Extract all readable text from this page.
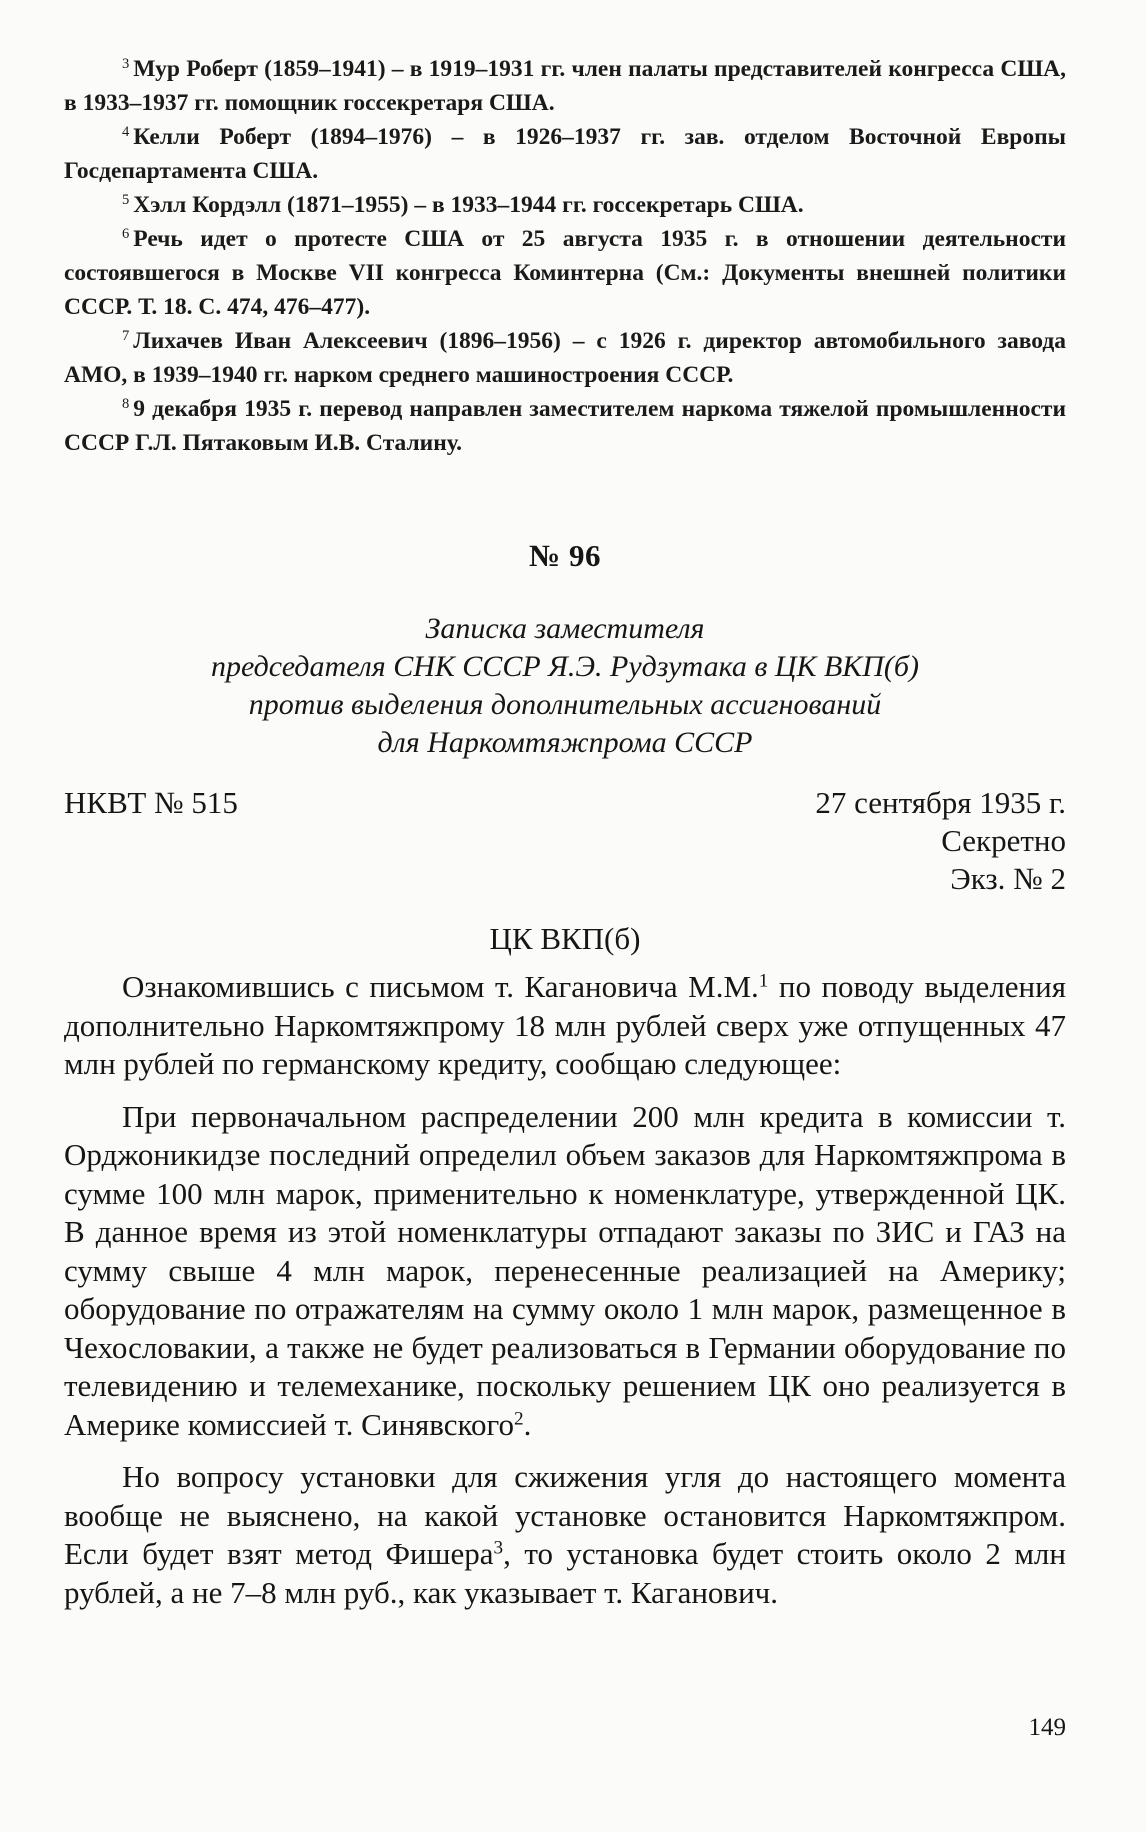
$^3$ Мур Роберт (1859–1941) – в 1919–1931 гг. член палаты представителей конгресса США, в 1933–1937 гг. помощник госсекретаря США.

$^4$ Келли Роберт (1894–1976) – в 1926–1937 гг. зав. отделом Восточной Европы Госдепартамента США.

$^5$ Хэлл Кордэлл (1871–1955) – в 1933–1944 гг. госсекретарь США.

$^6$ Речь идет о протесте США от 25 августа 1935 г. в отношении деятельности состоявшегося в Москве VII конгресса Коминтерна (См.: Документы внешней политики СССР. Т. 18. С. 474, 476–477).

$^7$ Лихачев Иван Алексеевич (1896–1956) – с 1926 г. директор автомобильного завода АМО, в 1939–1940 гг. нарком среднего машиностроения СССР.

$^8$ 9 декабря 1935 г. перевод направлен заместителем наркома тяжелой промышленности СССР Г.Л. Пятаковым И.В. Сталину.

№ 96
Записка заместителя
председателя СНК СССР Я.Э. Рудзутака в ЦК ВКП(б)
против выделения дополнительных ассигнований
для Наркомтяжпрома СССР
НКВТ № 515	27 сентября 1935 г.
Секретно
Экз. № 2
ЦК ВКП(б)

Ознакомившись с письмом т. Кагановича М.М.$^1$ по поводу выделения дополнительно Наркомтяжпрому 18 млн рублей сверх уже отпущенных 47 млн рублей по германскому кредиту, сообщаю следующее:

При первоначальном распределении 200 млн кредита в комиссии т. Орджоникидзе последний определил объем заказов для Наркомтяжпрома в сумме 100 млн марок, применительно к номенклатуре, утвержденной ЦК. В данное время из этой номенклатуры отпадают заказы по ЗИС и ГАЗ на сумму свыше 4 млн марок, перенесенные реализацией на Америку; оборудование по отражателям на сумму около 1 млн марок, размещенное в Чехословакии, а также не будет реализоваться в Германии оборудование по телевидению и телемеханике, поскольку решением ЦК оно реализуется в Америке комиссией т. Синявского$^2$.

Но вопросу установки для сжижения угля до настоящего момента вообще не выяснено, на какой установке остановится Наркомтяжпром. Если будет взят метод Фишера$^3$, то установка будет стоить около 2 млн рублей, а не 7–8 млн руб., как указывает т. Каганович.

149
